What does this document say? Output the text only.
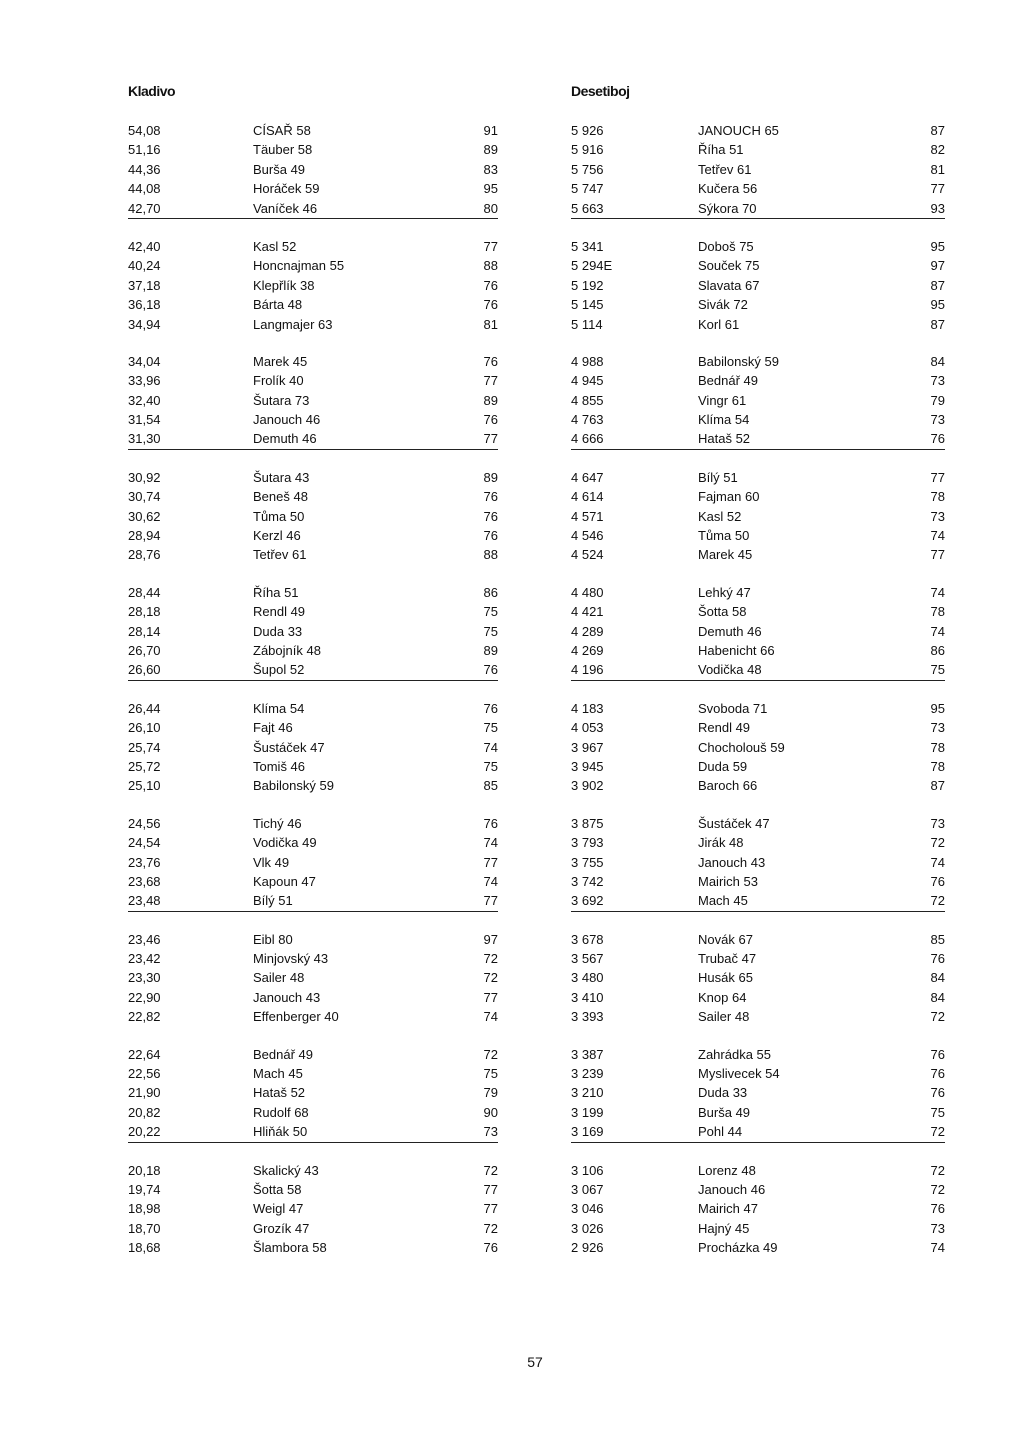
Kladivo
54,08	CÍSAŘ 58	91
51,16	Täuber 58	89
44,36	Burša 49	83
44,08	Horáček 59	95
42,70	Vaníček 46	80
42,40	Kasl 52	77
40,24	Honcnajman 55	88
37,18	Klepřlík 38	76
36,18	Bárta 48	76
34,94	Langmajer 63	81
34,04	Marek 45	76
33,96	Frolík 40	77
32,40	Šutara 73	89
31,54	Janouch 46	76
31,30	Demuth 46	77
30,92	Šutara 43	89
30,74	Beneš 48	76
30,62	Tůma 50	76
28,94	Kerzl 46	76
28,76	Tetřev 61	88
28,44	Říha 51	86
28,18	Rendl 49	75
28,14	Duda 33	75
26,70	Zábojník 48	89
26,60	Šupol 52	76
26,44	Klíma 54	76
26,10	Fajt 46	75
25,74	Šustáček 47	74
25,72	Tomiš 46	75
25,10	Babilonský 59	85
24,56	Tichý 46	76
24,54	Vodička 49	74
23,76	Vlk 49	77
23,68	Kapoun 47	74
23,48	Bílý 51	77
23,46	Eibl 80	97
23,42	Minjovský 43	72
23,30	Sailer 48	72
22,90	Janouch 43	77
22,82	Effenberger 40	74
22,64	Bednář 49	72
22,56	Mach 45	75
21,90	Hataš 52	79
20,82	Rudolf 68	90
20,22	Hliňák 50	73
20,18	Skalický 43	72
19,74	Šotta 58	77
18,98	Weigl 47	77
18,70	Grozík 47	72
18,68	Šlambora 58	76
Desetiboj
5 926	JANOUCH 65	87
5 916	Říha 51	82
5 756	Tetřev 61	81
5 747	Kučera 56	77
5 663	Sýkora 70	93
5 341	Doboš 75	95
5 294E	Souček 75	97
5 192	Slavata 67	87
5 145	Sivák 72	95
5 114	Korl 61	87
4 988	Babilonský 59	84
4 945	Bednář 49	73
4 855	Vingr 61	79
4 763	Klíma 54	73
4 666	Hataš 52	76
4 647	Bílý 51	77
4 614	Fajman 60	78
4 571	Kasl 52	73
4 546	Tůma 50	74
4 524	Marek 45	77
4 480	Lehký 47	74
4 421	Šotta 58	78
4 289	Demuth 46	74
4 269	Habenicht 66	86
4 196	Vodička 48	75
4 183	Svoboda 71	95
4 053	Rendl 49	73
3 967	Chocholouš 59	78
3 945	Duda 59	78
3 902	Baroch 66	87
3 875	Šustáček 47	73
3 793	Jirák 48	72
3 755	Janouch 43	74
3 742	Mairich 53	76
3 692	Mach 45	72
3 678	Novák 67	85
3 567	Trubač 47	76
3 480	Husák 65	84
3 410	Knop 64	84
3 393	Sailer 48	72
3 387	Zahrádka 55	76
3 239	Myslivecek 54	76
3 210	Duda 33	76
3 199	Burša 49	75
3 169	Pohl 44	72
3 106	Lorenz 48	72
3 067	Janouch 46	72
3 046	Mairich 47	76
3 026	Hajný 45	73
2 926	Procházka 49	74
57
